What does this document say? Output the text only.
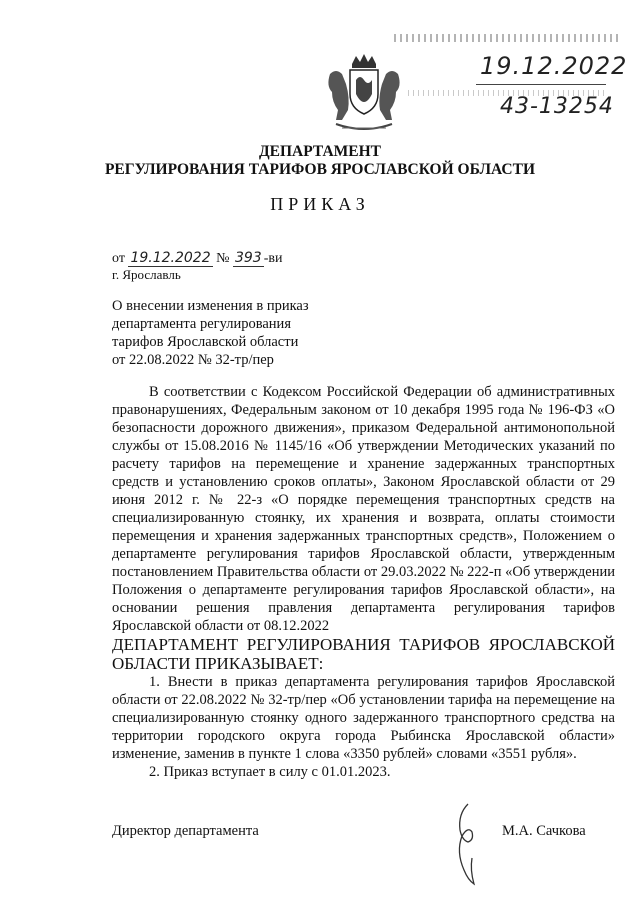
19.12.2022
43-13254
ДЕПАРТАМЕНТ
РЕГУЛИРОВАНИЯ ТАРИФОВ ЯРОСЛАВСКОЙ ОБЛАСТИ
ПРИКАЗ
от 19.12.2022 № 393 -ви
г. Ярославль
О внесении изменения в приказ
департамента регулирования
тарифов Ярославской области
от 22.08.2022 № 32-тр/пер

В соответствии с Кодексом Российской Федерации об административных правонарушениях, Федеральным законом от 10 декабря 1995 года № 196-ФЗ «О безопасности дорожного движения», приказом Федеральной антимонопольной службы от 15.08.2016 № 1145/16 «Об утверждении Методических указаний по расчету тарифов на перемещение и хранение задержанных транспортных средств и установлению сроков оплаты», Законом Ярославской области от 29 июня 2012 г. № 22-з «О порядке перемещения транспортных средств на специализированную стоянку, их хранения и возврата, оплаты стоимости перемещения и хранения задержанных транспортных средств», Положением о департаменте регулирования тарифов Ярославской области, утвержденным постановлением Правительства области от 29.03.2022 № 222-п «Об утверждении Положения о департаменте регулирования тарифов Ярославской области», на основании решения правления департамента регулирования тарифов Ярославской области от 08.12.2022

ДЕПАРТАМЕНТ РЕГУЛИРОВАНИЯ ТАРИФОВ ЯРОСЛАВСКОЙ ОБЛАСТИ ПРИКАЗЫВАЕТ:

1. Внести в приказ департамента регулирования тарифов Ярославской области от 22.08.2022 № 32-тр/пер «Об установлении тарифа на перемещение на специализированную стоянку одного задержанного транспортного средства на территории городского округа города Рыбинска Ярославской области» изменение, заменив в пункте 1 слова «3350 рублей» словами «3551 рубля».

2. Приказ вступает в силу с 01.01.2023.

Директор департамента	М.А. Сачкова
